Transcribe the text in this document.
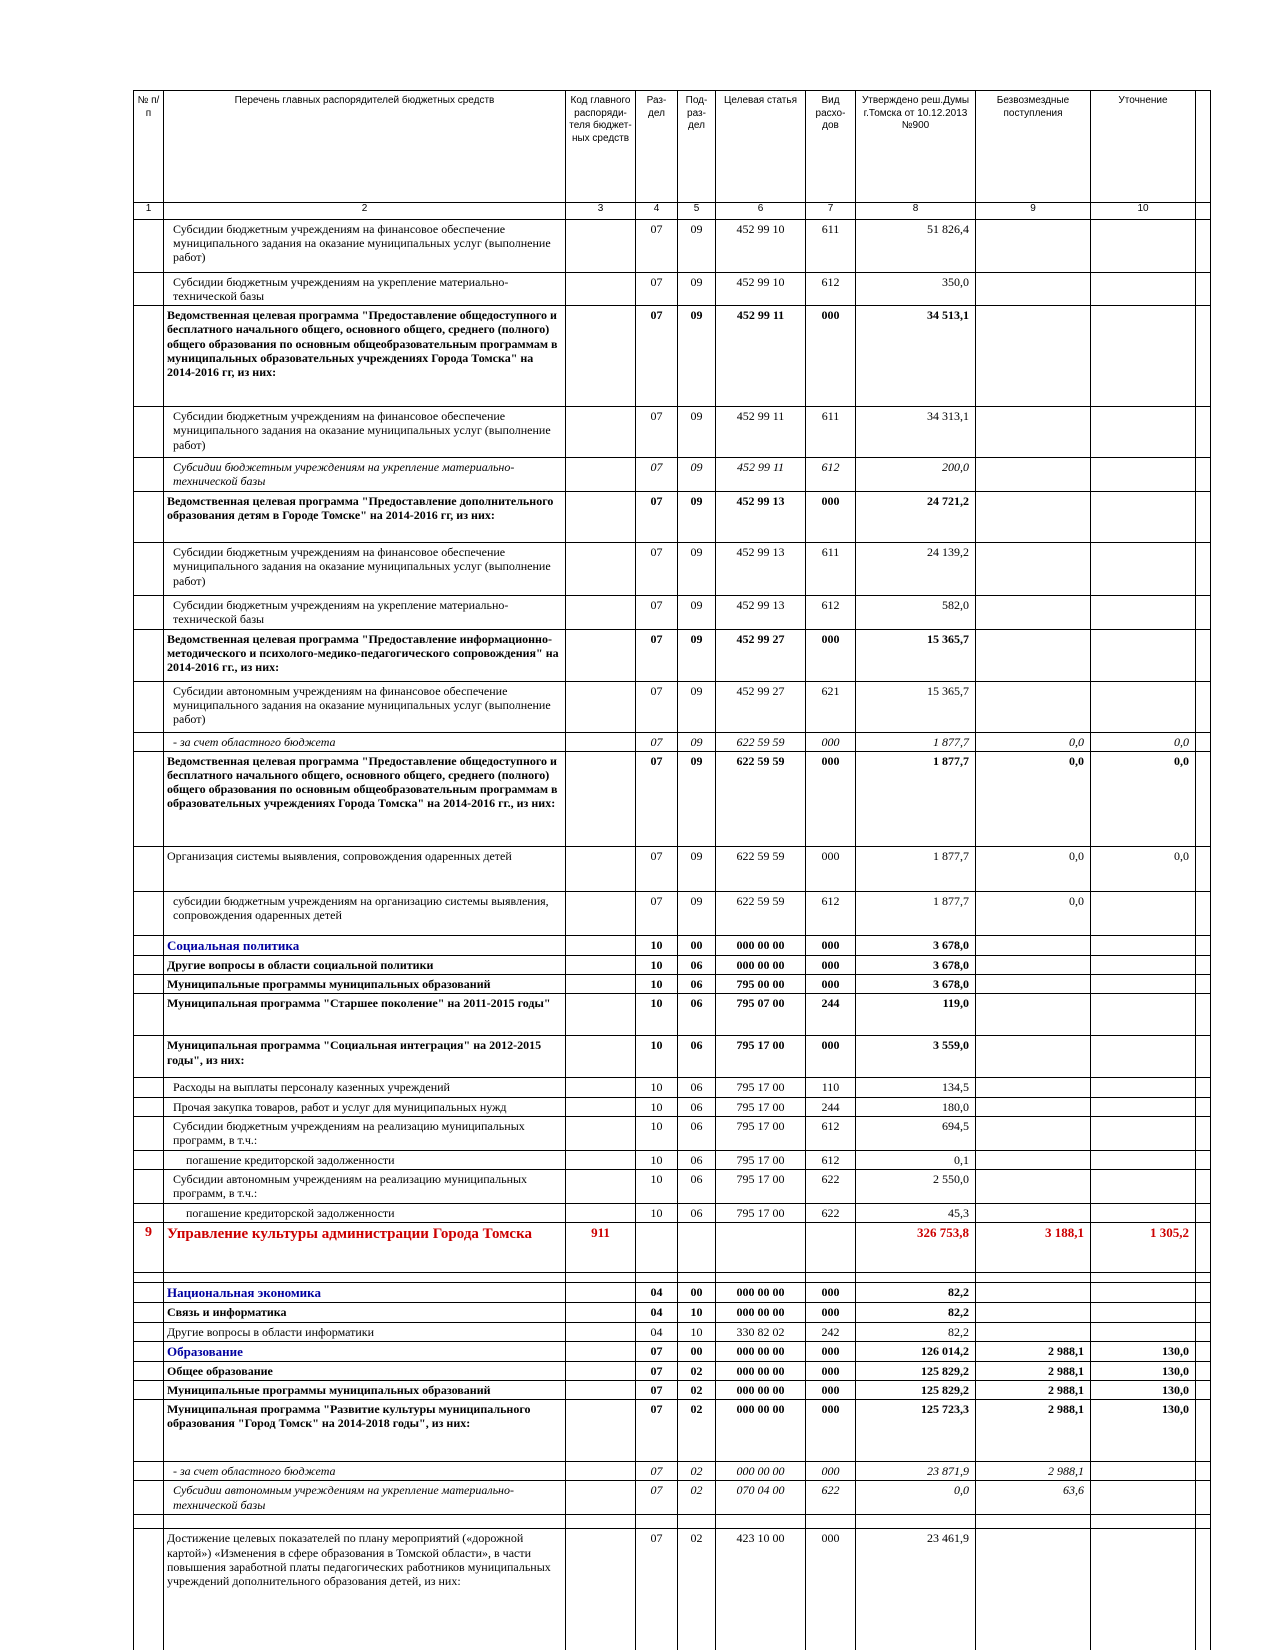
№ п/п	Перечень главных распорядителей бюджетных средств	Код главного распоряди-теля бюджет-ных средств	Раз-дел	Под-раз-дел	Целевая статья	Вид расхо-дов	Утверждено реш.Думы г.Томска от 10.12.2013 №900	Безвозмездные поступления	Уточнение	
1	2	3	4	5	6	7	8	9	10	
	Субсидии бюджетным учреждениям на финансовое обеспечение муниципального задания на оказание муниципальных услуг (выполнение работ)		07	09	452 99 10	611	51 826,4			
	Субсидии бюджетным учреждениям на укрепление материально-технической базы		07	09	452 99 10	612	350,0			
	Ведомственная целевая программа "Предоставление общедоступного и бесплатного начального общего, основного общего, среднего (полного) общего образования по основным общеобразовательным программам в муниципальных образовательных учреждениях Города Томска" на 2014-2016 гг, из них:		07	09	452 99 11	000	34 513,1			
	Субсидии бюджетным учреждениям на финансовое обеспечение муниципального задания на оказание муниципальных услуг (выполнение работ)		07	09	452 99 11	611	34 313,1			
	Субсидии бюджетным учреждениям на укрепление материально-технической базы		07	09	452 99 11	612	200,0			
	Ведомственная целевая программа "Предоставление дополнительного образования детям в Городе Томске" на 2014-2016 гг, из них:		07	09	452 99 13	000	24 721,2			
	Субсидии бюджетным учреждениям на финансовое обеспечение муниципального задания на оказание муниципальных услуг (выполнение работ)		07	09	452 99 13	611	24 139,2			
	Субсидии бюджетным учреждениям на укрепление материально-технической базы		07	09	452 99 13	612	582,0			
	Ведомственная целевая программа "Предоставление информационно-методического и психолого-медико-педагогического сопровождения" на 2014-2016 гг., из них:		07	09	452 99 27	000	15 365,7			
	Субсидии автономным учреждениям на финансовое обеспечение муниципального задания на оказание муниципальных услуг (выполнение работ)		07	09	452 99 27	621	15 365,7			
	- за счет областного бюджета		07	09	622 59 59	000	1 877,7	0,0	0,0	
	Ведомственная целевая программа "Предоставление общедоступного и бесплатного начального общего, основного общего, среднего (полного) общего образования по основным общеобразовательным программам в образовательных учреждениях Города Томска" на 2014-2016 гг., из них:		07	09	622 59 59	000	1 877,7	0,0	0,0	
	Организация системы выявления, сопровождения одаренных детей		07	09	622 59 59	000	1 877,7	0,0	0,0	
	субсидии бюджетным учреждениям на организацию системы выявления, сопровождения одаренных детей		07	09	622 59 59	612	1 877,7	0,0		
	Социальная политика		10	00	000 00 00	000	3 678,0			
	Другие вопросы в области социальной политики		10	06	000 00 00	000	3 678,0			
	Муниципальные программы муниципальных образований		10	06	795 00 00	000	3 678,0			
	Муниципальная программа "Старшее поколение" на 2011-2015 годы"		10	06	795 07 00	244	119,0			
	Муниципальная программа "Социальная интеграция" на 2012-2015 годы", из них:		10	06	795 17 00	000	3 559,0			
	Расходы на выплаты персоналу казенных учреждений		10	06	795 17 00	110	134,5			
	Прочая закупка товаров, работ и услуг для муниципальных нужд		10	06	795 17 00	244	180,0			
	Субсидии бюджетным учреждениям на реализацию муниципальных программ, в т.ч.:		10	06	795 17 00	612	694,5			
	погашение кредиторской задолженности		10	06	795 17 00	612	0,1			
	Субсидии автономным учреждениям на реализацию муниципальных программ, в т.ч.:		10	06	795 17 00	622	2 550,0			
	погашение кредиторской задолженности		10	06	795 17 00	622	45,3			
9	Управление культуры администрации Города Томска	911					326 753,8	3 188,1	1 305,2	

	Национальная экономика		04	00	000 00 00	000	82,2			
	Связь и информатика		04	10	000 00 00	000	82,2			
	Другие вопросы в области информатики		04	10	330 82 02	242	82,2			
	Образование		07	00	000 00 00	000	126 014,2	2 988,1	130,0	
	Общее образование		07	02	000 00 00	000	125 829,2	2 988,1	130,0	
	Муниципальные программы муниципальных образований		07	02	000 00 00	000	125 829,2	2 988,1	130,0	
	Муниципальная программа "Развитие культуры муниципального образования "Город Томск" на 2014-2018 годы", из них:		07	02	000 00 00	000	125 723,3	2 988,1	130,0	
	- за счет областного бюджета		07	02	000 00 00	000	23 871,9	2 988,1		
	Субсидии автономным учреждениям на укрепление материально-технической базы		07	02	070 04 00	622	0,0	63,6		

	Достижение целевых показателей по плану мероприятий («дорожной картой») «Изменения в сфере образования в Томской области», в части повышения заработной платы педагогических работников муниципальных учреждений дополнительного образования детей, из них:		07	02	423 10 00	000	23 461,9			
